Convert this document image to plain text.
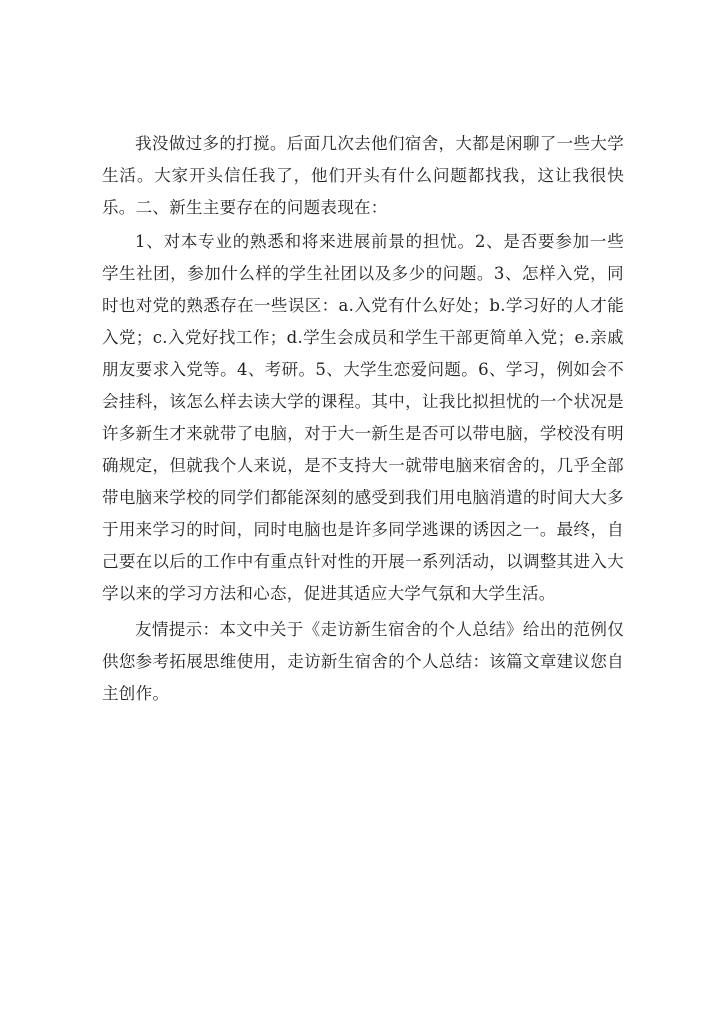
我没做过多的打搅。后面几次去他们宿舍，大都是闲聊了一些大学生活。大家开头信任我了，他们开头有什么问题都找我，这让我很快乐。二、新生主要存在的问题表现在：

1、对本专业的熟悉和将来进展前景的担忧。2、是否要参加一些学生社团，参加什么样的学生社团以及多少的问题。3、怎样入党，同时也对党的熟悉存在一些误区：a.入党有什么好处；b.学习好的人才能入党；c.入党好找工作；d.学生会成员和学生干部更简单入党；e.亲戚朋友要求入党等。4、考研。5、大学生恋爱问题。6、学习，例如会不会挂科，该怎么样去读大学的课程。其中，让我比拟担忧的一个状况是许多新生才来就带了电脑，对于大一新生是否可以带电脑，学校没有明确规定，但就我个人来说，是不支持大一就带电脑来宿舍的，几乎全部带电脑来学校的同学们都能深刻的感受到我们用电脑消遣的时间大大多于用来学习的时间，同时电脑也是许多同学逃课的诱因之一。最终，自己要在以后的工作中有重点针对性的开展一系列活动，以调整其进入大学以来的学习方法和心态，促进其适应大学气氛和大学生活。

友情提示：本文中关于《走访新生宿舍的个人总结》给出的范例仅供您参考拓展思维使用，走访新生宿舍的个人总结：该篇文章建议您自主创作。
